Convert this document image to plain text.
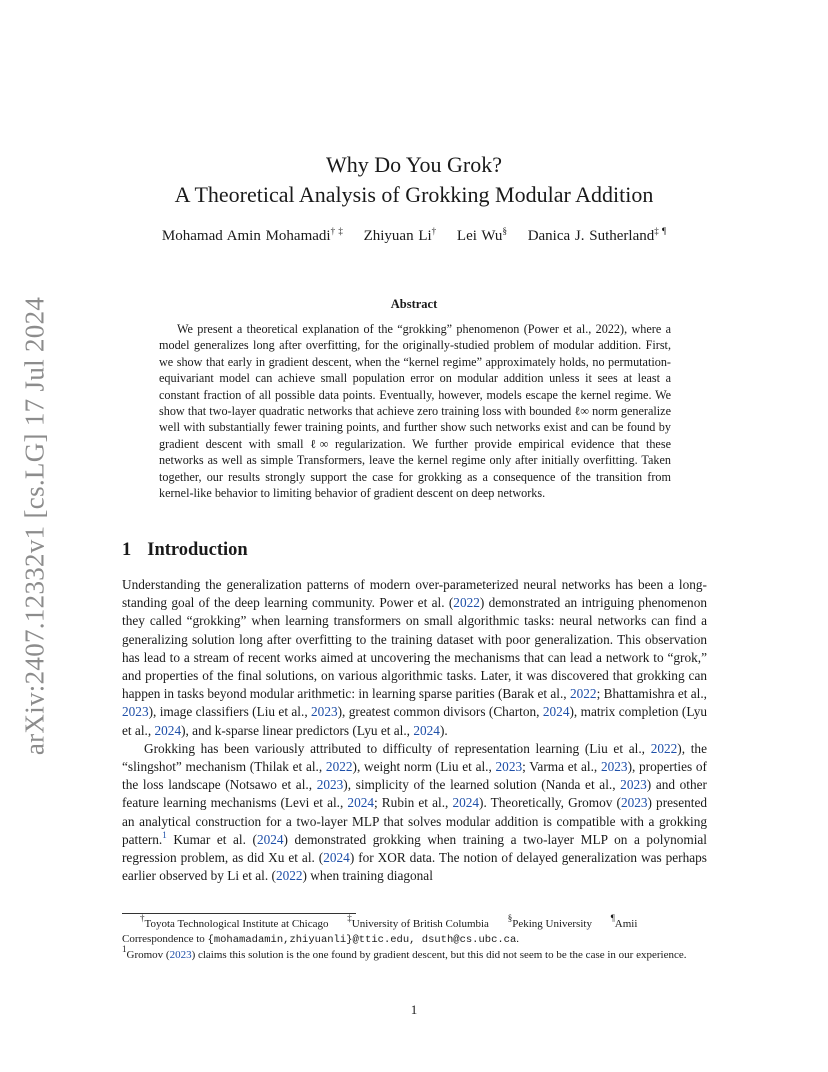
arXiv:2407.12332v1 [cs.LG] 17 Jul 2024
Why Do You Grok?
A Theoretical Analysis of Grokking Modular Addition
Mohamad Amin Mohamadi† ‡ Zhiyuan Li† Lei Wu§ Danica J. Sutherland‡ ¶
Abstract

We present a theoretical explanation of the “grokking” phenomenon (Power et al., 2022), where a model generalizes long after overfitting, for the originally-studied problem of modular addition. First, we show that early in gradient descent, when the “kernel regime” approximately holds, no permutation-equivariant model can achieve small population error on modular addition unless it sees at least a constant fraction of all possible data points. Eventually, however, models escape the kernel regime. We show that two-layer quadratic networks that achieve zero training loss with bounded ℓ∞ norm generalize well with substantially fewer training points, and further show such networks exist and can be found by gradient descent with small ℓ∞ regularization. We further provide empirical evidence that these networks as well as simple Transformers, leave the kernel regime only after initially overfitting. Taken together, our results strongly support the case for grokking as a consequence of the transition from kernel-like behavior to limiting behavior of gradient descent on deep networks.

1 Introduction

Understanding the generalization patterns of modern over-parameterized neural networks has been a long-standing goal of the deep learning community. Power et al. (2022) demonstrated an intriguing phenomenon they called “grokking” when learning transformers on small algorithmic tasks: neural networks can find a generalizing solution long after overfitting to the training dataset with poor generalization. This observation has lead to a stream of recent works aimed at uncovering the mechanisms that can lead a network to “grok,” and properties of the final solutions, on various algorithmic tasks. Later, it was discovered that grokking can happen in tasks beyond modular arithmetic: in learning sparse parities (Barak et al., 2022; Bhattamishra et al., 2023), image classifiers (Liu et al., 2023), greatest common divisors (Charton, 2024), matrix completion (Lyu et al., 2024), and k-sparse linear predictors (Lyu et al., 2024).

Grokking has been variously attributed to difficulty of representation learning (Liu et al., 2022), the “slingshot” mechanism (Thilak et al., 2022), weight norm (Liu et al., 2023; Varma et al., 2023), properties of the loss landscape (Notsawo et al., 2023), simplicity of the learned solution (Nanda et al., 2023) and other feature learning mechanisms (Levi et al., 2024; Rubin et al., 2024). Theoretically, Gromov (2023) presented an analytical construction for a two-layer MLP that solves modular addition is compatible with a grokking pattern.$^1$ Kumar et al. (2024) demonstrated grokking when training a two-layer MLP on a polynomial regression problem, as did Xu et al. (2024) for XOR data. The notion of delayed generalization was perhaps earlier observed by Li et al. (2022) when training diagonal

†Toyota Technological Institute at Chicago ‡University of British Columbia §Peking University ¶Amii
Correspondence to {mohamadamin,zhiyuanli}@ttic.edu, dsuth@cs.ubc.ca.
$^1$Gromov (2023) claims this solution is the one found by gradient descent, but this did not seem to be the case in our experience.
1
